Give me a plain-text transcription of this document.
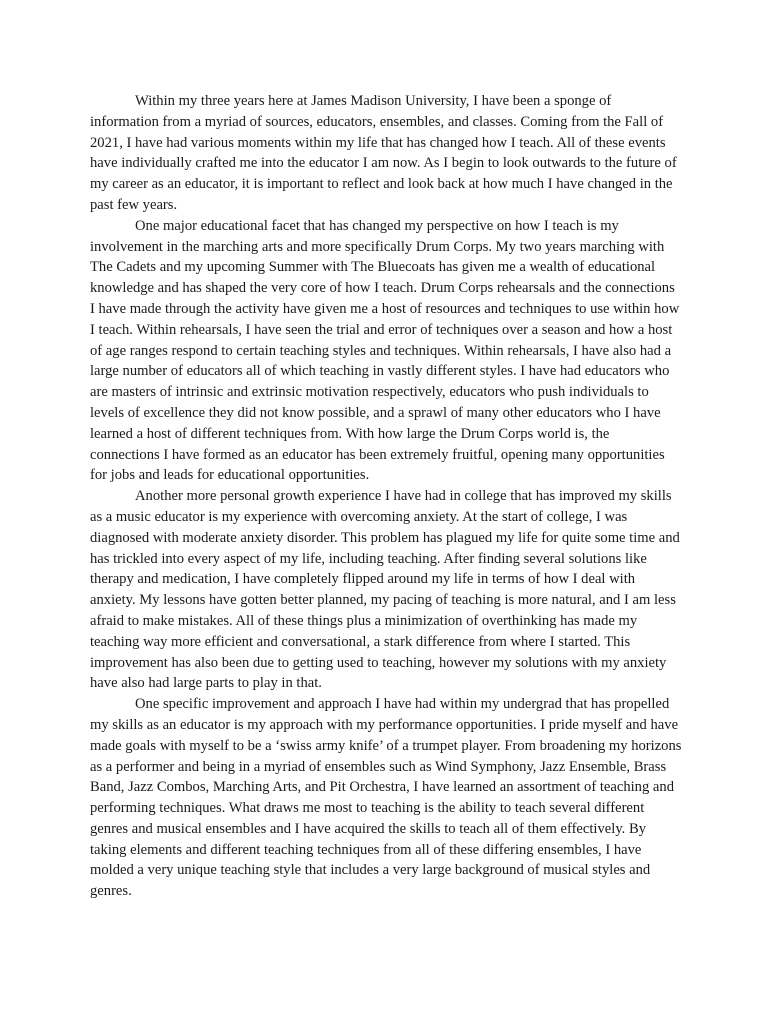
Within my three years here at James Madison University, I have been a sponge of information from a myriad of sources, educators, ensembles, and classes. Coming from the Fall of 2021, I have had various moments within my life that has changed how I teach. All of these events have individually crafted me into the educator I am now. As I begin to look outwards to the future of my career as an educator, it is important to reflect and look back at how much I have changed in the past few years.

One major educational facet that has changed my perspective on how I teach is my involvement in the marching arts and more specifically Drum Corps. My two years marching with The Cadets and my upcoming Summer with The Bluecoats has given me a wealth of educational knowledge and has shaped the very core of how I teach. Drum Corps rehearsals and the connections I have made through the activity have given me a host of resources and techniques to use within how I teach. Within rehearsals, I have seen the trial and error of techniques over a season and how a host of age ranges respond to certain teaching styles and techniques. Within rehearsals, I have also had a large number of educators all of which teaching in vastly different styles. I have had educators who are masters of intrinsic and extrinsic motivation respectively, educators who push individuals to levels of excellence they did not know possible, and a sprawl of many other educators who I have learned a host of different techniques from. With how large the Drum Corps world is, the connections I have formed as an educator has been extremely fruitful, opening many opportunities for jobs and leads for educational opportunities.

Another more personal growth experience I have had in college that has improved my skills as a music educator is my experience with overcoming anxiety. At the start of college, I was diagnosed with moderate anxiety disorder. This problem has plagued my life for quite some time and has trickled into every aspect of my life, including teaching. After finding several solutions like therapy and medication, I have completely flipped around my life in terms of how I deal with anxiety. My lessons have gotten better planned, my pacing of teaching is more natural, and I am less afraid to make mistakes. All of these things plus a minimization of overthinking has made my teaching way more efficient and conversational, a stark difference from where I started. This improvement has also been due to getting used to teaching, however my solutions with my anxiety have also had large parts to play in that.

One specific improvement and approach I have had within my undergrad that has propelled my skills as an educator is my approach with my performance opportunities. I pride myself and have made goals with myself to be a ‘swiss army knife’ of a trumpet player. From broadening my horizons as a performer and being in a myriad of ensembles such as Wind Symphony, Jazz Ensemble, Brass Band, Jazz Combos, Marching Arts, and Pit Orchestra, I have learned an assortment of teaching and performing techniques. What draws me most to teaching is the ability to teach several different genres and musical ensembles and I have acquired the skills to teach all of them effectively. By taking elements and different teaching techniques from all of these differing ensembles, I have molded a very unique teaching style that includes a very large background of musical styles and genres.
